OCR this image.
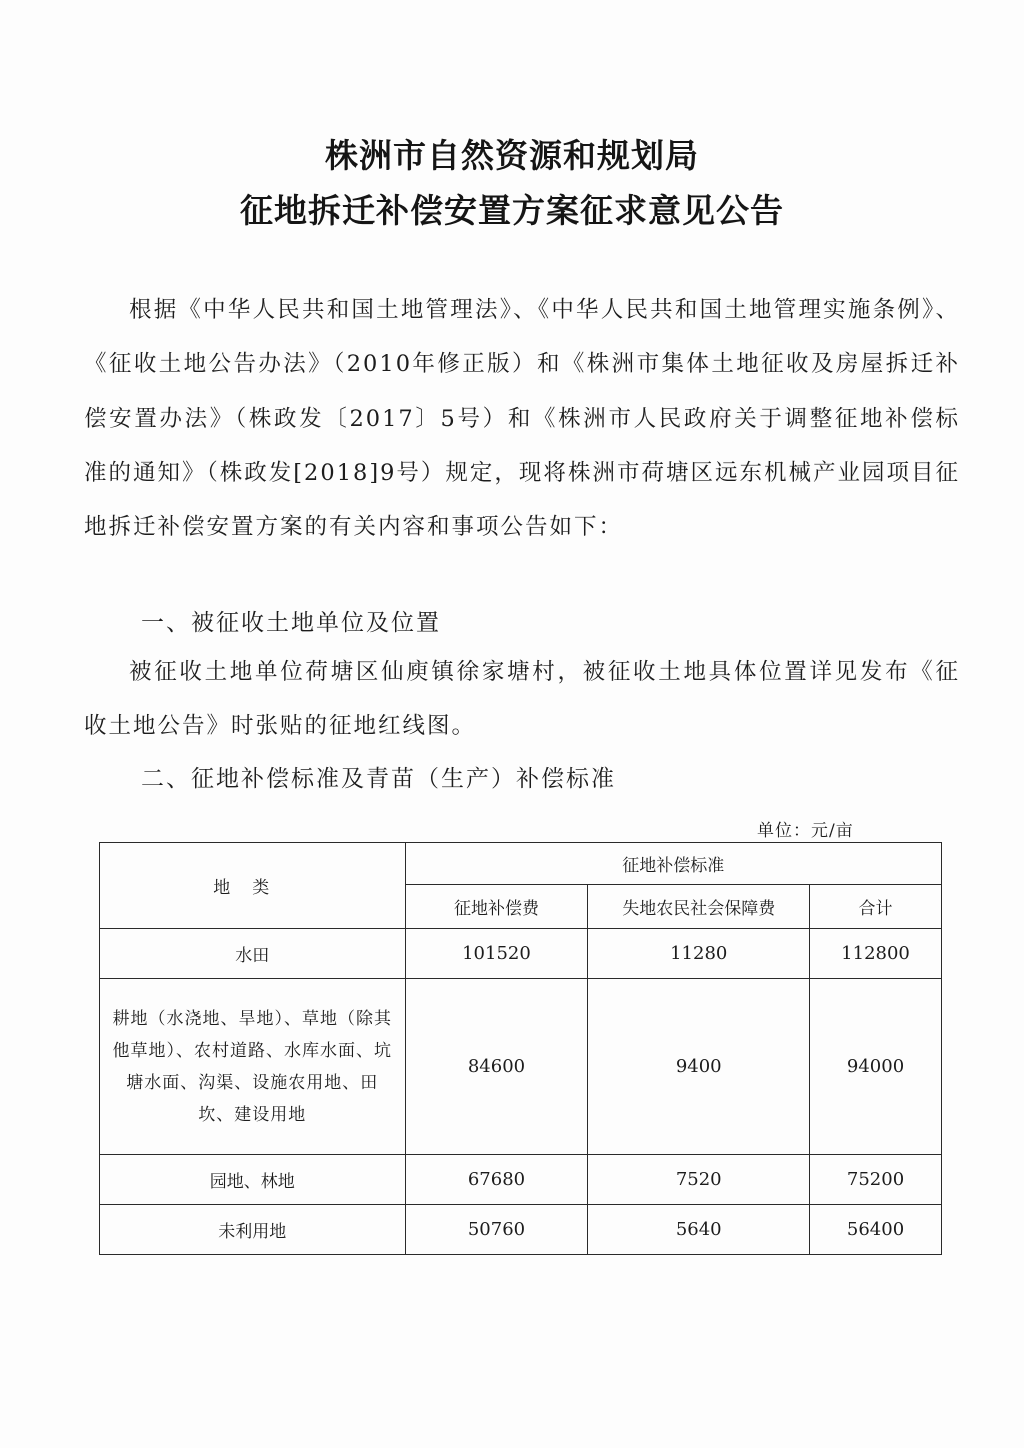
株洲市自然资源和规划局
征地拆迁补偿安置方案征求意见公告

根据《中华人民共和国土地管理法》、《中华人民共和国土地管理实施条例》、《征收土地公告办法》（2010年修正版）和《株洲市集体土地征收及房屋拆迁补偿安置办法》（株政发〔2017〕5号）和《株洲市人民政府关于调整征地补偿标准的通知》（株政发[2018]9号）规定，现将株洲市荷塘区远东机械产业园项目征地拆迁补偿安置方案的有关内容和事项公告如下：

一、被征收土地单位及位置

被征收土地单位荷塘区仙庾镇徐家塘村，被征收土地具体位置详见发布《征收土地公告》时张贴的征地红线图。

二、征地补偿标准及青苗（生产）补偿标准
单位：元/亩
地类	征地补偿标准		
	征地补偿费	失地农民社会保障费	合计
水田	101520	11280	112800
耕地（水浇地、旱地）、草地（除其他草地）、农村道路、水库水面、坑塘水面、沟渠、设施农用地、田坎、建设用地	84600	9400	94000
园地、林地	67680	7520	75200
未利用地	50760	5640	56400
